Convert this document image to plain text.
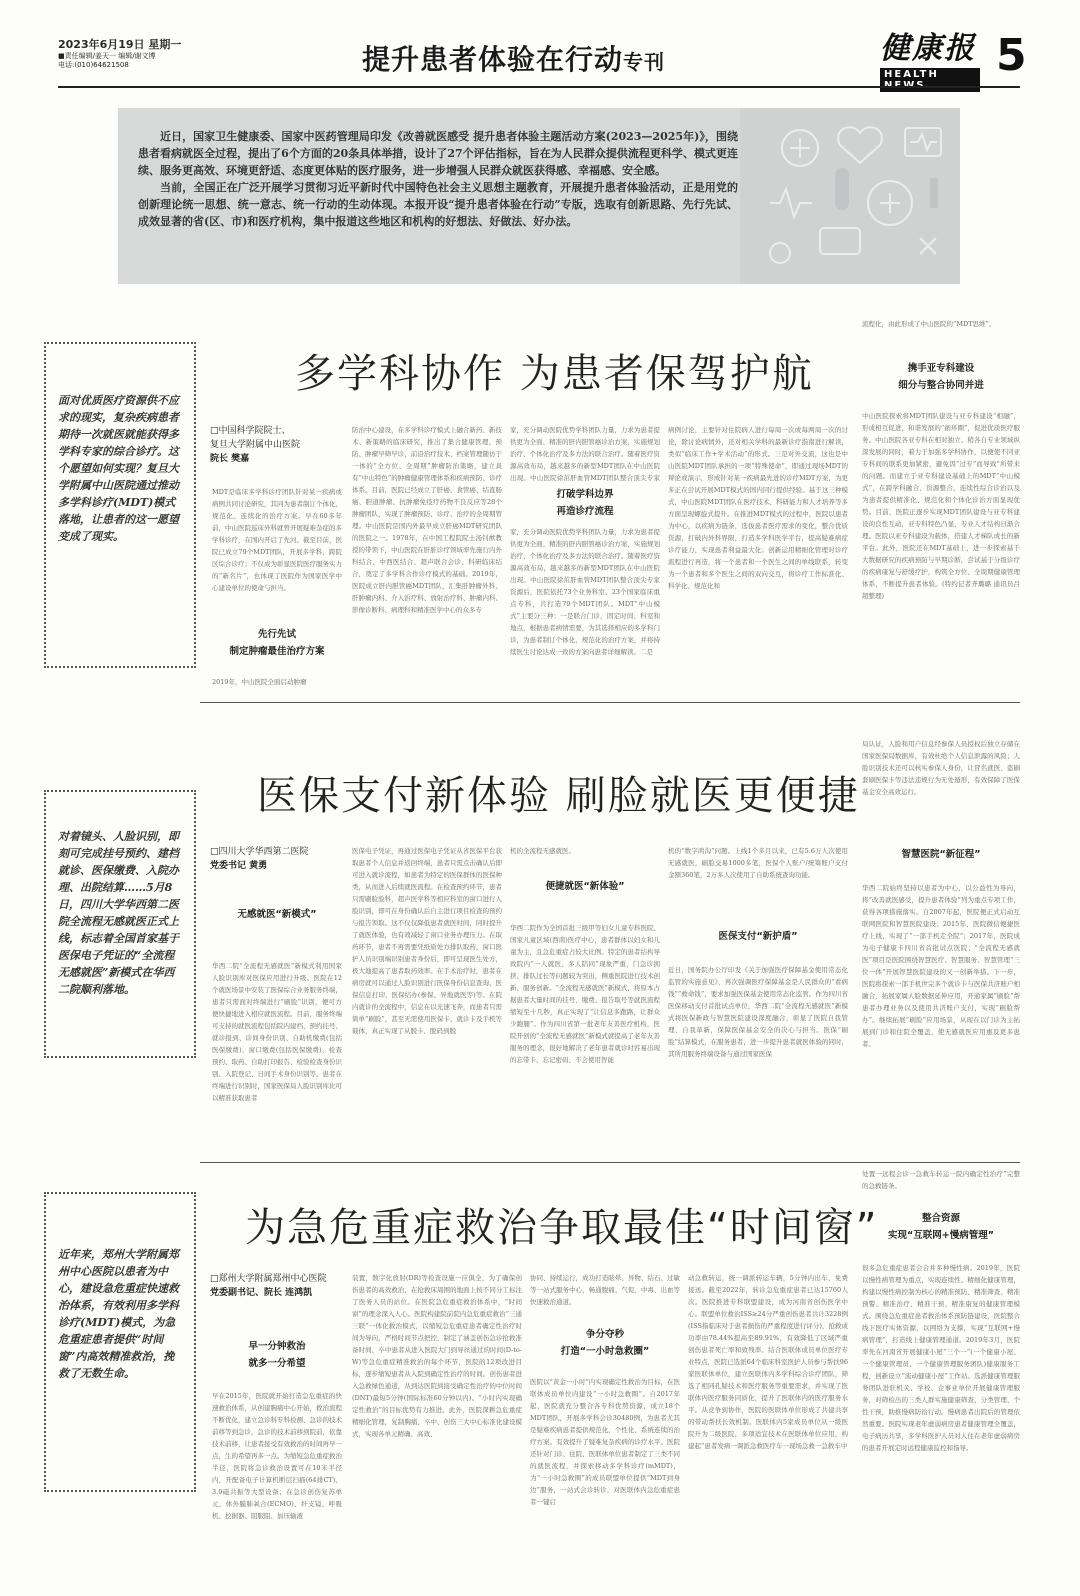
2023年6月19日 星期一
■责任编辑/姜天一 编辑/谢文博
电话:(010)64621508	提升患者体验在行动专刊	健康报
HEALTH	5
近日，国家卫生健康委、国家中医药管理局印发《改善就医感受 提升患者体验主题活动方案(2023—2025年)》，围绕患者看病就医全过程，提出了6个方面的20条具体举措，设计了27个评估指标，旨在为人民群众提供流程更科学、模式更连续、服务更高效、环境更舒适、态度更体贴的医疗服务，进一步增强人民群众就医获得感、幸福感、安全感。
当前，全国正在广泛开展学习贯彻习近平新时代中国特色社会主义思想主题教育，开展提升患者体验活动，正是用党的创新理论统一思想、统一意志、统一行动的生动体现。本报开设“提升患者体验在行动”专版，选取有创新思路、先行先试、成效显著的省(区、市)和医疗机构，集中报道这些地区和机构的好想法、好做法、好办法。
面对优质医疗资源供不应求的现实，复杂疾病患者期待一次就医就能获得多学科专家的综合诊疗。这个愿望如何实现？复旦大学附属中山医院通过推动多学科诊疗(MDT)模式落地，让患者的这一愿望变成了现实。
多学科协作 为患者保驾护航
□中国科学院院士、
复旦大学附属中山医院
院长 樊嘉
MDT是临床多学科诊疗团队针对某一疾病或病例共同讨论研究，其同为患者制订个体化、规范化、连续化的治疗方案。早在60多年前，中山医院巡床外科就曾开展疑难杂症的多学科诊疗，在国内开启了先河。截至目前，医院已成立79个MDT团队，开展多学科、跨院区综合诊疗；不仅成为彰显医院医疗服务实力的“新名片”，也体现了医院作为国家医学中心建设单位的使命与担当。
先行先试
制定肿瘤最佳治疗方案
2019年，中山医院全面启动肿瘤
防治中心建设，在多学科诊疗模式上融合新药、新技术、新策略的临床研究，推出了集合健康管理、预防、肿瘤早筛早诊、前沿治疗技术、档案管理随访于一体的“全方位、全周期”肿瘤防治策略，建立具有“中山特色”的肿瘤健康管理体系和疾病预防、诊疗体系。目前，医院已经成立了肝癌、食管癌、结直肠癌、胆道肿瘤、抗肿瘤免疫疗药物不良反应等28个肿瘤团队，实现了肿瘤预防、诊疗、治疗的全周期管理。中山医院是国内外最早成立肝癌MDT研究团队的医院之一。1978年，在中国工程院院士汤钊猷教授的带领下，中山医院在肝脏诊疗领域率先施行内外科结合、中西医结合、超声联合会诊、科研临床结合，奠定了多学科合作诊疗模式的基础。2019年，医院成立肝内胆管癌MDT团队，汇集肝肿瘤外科、肝肿瘤内科、介入治疗科、放射治疗科、肿瘤内科、影像诊断科、病理科和精准医学中心的众多专
家，充分调动医院优势学科团队力量，力求为患者提供更为全面、精准的肝内胆管癌诊治方案，实施规划治疗、个体化治疗及多方法的联合治疗。随着医疗资源高效布局，越来越多的新型MDT团队在中山医院出现。中山医院徐茁肝血管MDT团队整合顶尖专家
打破学科边界
再造诊疗流程
家，充分调动医院优势学科团队力量，力求为患者提供更为全面、精准的肝内胆管癌诊治方案，实施规划治疗、个体化治疗及多方法的联合治疗。随着医疗资源高效布局，越来越多的新型MDT团队在中山医院出现。中山医院徐茁肝血管MDT团队整合顶尖专家资源后，医院依托73个业务科室、23个国家临床重点专科，共打造79个MDT团队。MDT“中山模式”主要分三种：一是联合门诊，固定时间、科室和地点，根据患者病情需要，为其选择相应的多学科门诊，为患者制订个体化、规范化的治疗方案，并将持续医生讨论达成一致的方案向患者详细解读。二是
病例讨论，主要针对住院病人进行每周一次或每两周一次的讨论，除讨论病情外，还对相关学科的最新诊疗指南进行解读，类似“临床工作+学术活动”的形式。三是对外交流，这也是中山医院MDT团队承担的一项“特殊使命”，即通过现场MDT的辩论或演示，形成针对某一疾病最先进的诊疗MDT方案，为更多正在尝试开展MDT模式的国内同行提供经验。基于这三种模式，中山医院MDT团队在医疗技术、科研能力和人才培养等多方面呈现螺旋式提升。在推进MDT模式的过程中，医院以患者为中心，以疾病为链条，选拔患者医疗需求的变化，整合优质资源，打破内外科界限，打造多学科医学平台，提高疑难病症诊疗能力，实现患者利益最大化；创新运用精细化管理对诊疗流程进行再造，将一个患者和一个医生之间的单线联系，转变为一个患者和多个医生之间的双向交互，将诊疗工作标准化、科学化、规范化和
流程化，由此形成了中山医院的“MDT思维”。
携手亚专科建设
细分与整合协同并进
中山医院探索将MDT团队建设与亚专科建设“相融”，形成相互促进，和谐发展的“循环圈”，促进优质医疗服务。中山医院各亚专科在相对独立、稍各自专业领域纵深发展的同时，着力于加强多学科协作，以便使不同亚专科间的联系更加紧密，避免因“过专”而导致“所带来的问题。而建立于亚专科建设基础上的MDT“中山模式”，在跨学科融合、资源整合、连续性综合诊治以及为患者提供精准化、规范化和个体化诊治方面显现优势。目前，医院正逐步实现MDT团队建设与亚专科建设的良性互动，亚专科特色凸显，专业人才结构日渐合理。医院以亚专科建设为载体，搭建人才梯队成长的新平台。此外，医院还在MDT基础上，进一步探索基于大数据研究的疾病预防与早期诊断，尝试基于分级诊疗的疾病康复与舒缓疗护，构筑全方位、全周期健康管理体系，不断提升患者体验。(特约记者齐璐璐 通讯员吕超整理)
对着镜头、人脸识别，即刻可完成挂号预约、建档就诊、医保缴费、入院办理、出院结算……5月8日，四川大学华西第二医院全流程无感就医正式上线，标志着全国首家基于医保电子凭证的“全流程无感就医”新模式在华西二院顺利落地。
医保支付新体验 刷脸就医更便捷
□四川大学华西第二医院
党委书记 黄勇
无感就医“新模式”
华西二院“全流程无感就医”新模式利用国家人脸识别库对医保应用进行升级。医院在12个就医场景中安装了医保综合业务服务终端，患者只需面对终端进行“刷脸”识别，便可方便快捷地进入相应就医流程。目前，服务终端可支持的就医流程包括院内建档、预约挂号、就诊报到、诊间身份识别、自助机缴费(包括医保缴费)、窗口缴费(包括医保缴费)、检查预约、取药、自助打印报告、检验检查身份识别、入院登记、日间手术身份识别等。患者在终端进行识别时，国家医保局人脸识别库比可以精准获取患者
医保电子凭证，再通过医保电子凭证从省医保平台获取患者个人信息并返回终端，患者只需点击确认后即可进入就诊流程，如患者为特定的医保群体的医保种类，从而进入后续就医流程。在检查预约环节，患者只需刷脸验科，超声医学科等相应科室的窗口进行人脸识别，即可在身份确认后自主进行项目检查的预约与报告领取。这不仅仅降低患者就医时间，同时提升了就医体验，也有效减轻了窗口业务办理压力。在取药环节，患者不再需要凭纸质处方排队取药，窗口医护人员识别端识别患者身份后，即可呈现医生处方，极大地提高了患者取药效率。在手术治疗时，患者在病房就可以通过人脸识别进行医保身份信息查询、医保信息打印、医保结办(参保、异地就医等)等。在院内就诊的全流程中，信息在以光速飞奔，而患者只需简单“刷脸”，甚至无需使用医保卡、就诊卡及手机等载体，真正实现了从脱卡、脱码到脱
机的全流程无感就医。
便捷就医“新体验”
华西二院作为全国首批三级甲等妇女儿童专科医院、国家儿童区域(西南)医疗中心，患者群体以妇女和儿童为主，且急危重症占较大比例。特定的患者结构导致院内“一人就医、多人陪同”现象严重，门急诊拥挤、排队过长等问题较为突出，侧重医院进行技术创新、服务创新。“全流程无感就医”新模式，将原本占据患者大量时间的挂号、缴费、报告取号等就医流程缩短至十几秒，真正实现了“让信息多跑路，让群众少跑腿”。作为四川省第一批老年友善医疗机构，医院开创的“全流程无感就医”新模式就提高了老年友善服务的理念，很好地解决了老年患者就诊时容易出现的忘带卡、忘记密码、不会使用智能
机的“数字鸿沟”问题。上线1个多月以来，已有5.6万人次使用无感就医，刷脸交易1000多笔，医保个人账户/统筹账户支付金额360笔，2万多人次使用了自助系统查询功能。
医保支付“新护盾”
近日，国务院办公厅印发《关于加强医疗保障基金使用常态化监管的实施意见》，再次强调医疗保障基金是人民群众的“看病钱”“救命钱”，要求加强医保基金使用常态化监管。作为四川省医保移动支付首批试点单位，华西二院“全流程无感就医”新模式将医保新政与智慧医院建设深度融合，彰显了医院自我管理、自我革新，保障医保基金安全的决心与担当。医保“刷脸”结算模式，在服务患者，进一步提升患者就医体验的同时，其所用服务终端设备与通过国家医保
局认证，人脸和用户信息经参保人员授权后独立存储在国家医保局数据库，有效杜绝个人信息泄露的风险；人脸识别技术还可以核实参保人身份，让冒名就医、盗刷套刷医保卡等违法违规行为无处遁形，有效保障了医保基金安全高效运行。
智慧医院“新征程”
华西二院始终坚持以患者为中心，以公益性为导向，将“改善就医感受，提升患者体验”列为重点专项工作，获得各项措施落实。自2007年起，医院便正式启动互联网医院和智慧医院建设；2015年，医院微信便捷医疗上线，实现了“一部手机走全院”；2017年，医院成为电子健康卡四川省首批试点医院；“全流程无感就医”项目是医院围绕智慧医疗、智慧服务、智慧管理“三位一体”开展智慧医院建设的又一创新举措。下一步，医院将探索一部手机世完多个就诊卡与医保共济账户相融合，拓展家属人脸数据延伸应用，开通家属“刷脸”帮患者办理业务以及使用共济账户支付，实现“刷脸帮办”。继续拓展“刷脸”应用场景，从现在以门诊为主拓展到门诊和住院全覆盖，使无感就医应用惠及更多患者。
近年来，郑州大学附属郑州中心医院以患者为中心，建设急危重症快速救治体系，有效利用多学科诊疗(MDT)模式，为急危重症患者提供“时间窗”内高效精准救治，挽救了无数生命。
为急危重症救治争取最佳“时间窗”
□郑州大学附属郑州中心医院
党委副书记、院长 连鸿凯
早一分钟救治
就多一分希望
早在2015年，医院就开始打造急危重症的快速救治体系，从创建胸痛中心开始，救治流程不断优化，建立急诊科专科检测、急诊的技术前移等到急诊，急诊的技术前移到院前，依靠技术前移，让患者接受有效救治的时间再早一点，生的希望再多一点。为缩短急危重症救治半径，医院将急诊救治设置可在10米半径内，开配备电子计算机断层扫描(64排CT)、3.0磁共振等大型设备；在急诊创伤复苏单元，体外膜肺氧合(ECMO)、纤支镜、呼吸机、挖掘器、阻服阻、加压输液
装置，数字化放射(DR)等检查设施一应俱全，为了确保创伤患者的高效救治，在抢救床周围的地面上按不同分工标注了医务人员的站位。在医院急危重症救治体系中，“时间窗”的理念深入人心。医院构建院前院内急危重症救治“三通三联”一体化救治模式，以缩短急危重症患者确定性治疗时间为导向，严格时间节点把控，制定了涵盖创伤急诊抢救准备时间，卒中患者从进入医院大门到导丝通过的时间(D-to-W)等急危重症精准救治的每个环节，医院的12项改进目标，逐步缩短患者从入院到确定性治疗的时间。创伤患者进入急救绿色通道，从到达医院到接受确定性治疗的中位时间(DNT)最短5分钟(国际标准60分钟以内)。“小时内实现确定性救治”的目标优势有力推进。此外，医院深耕急危重症精细化管理，复制胸痛、卒中、创伤三大中心标准化建设模式，实现各单元精确、高效、
协同、持续运行，成功打造眩晕、异物、结石、过敏等一站式服务中心，畅通腹痛、气促、中毒、出血等快速救治通道。
争分夺秒
打造“一小时急救圈”
医院以“黄金一小时”内实现确定性救治为目标，在医联体成员单位内建设“一小时急救圈”。自2017年起，医院就充分整合各专科优势资源，成立18个MDT团队，开展多学科会诊30480例，为患者尤其是疑难疾病患者提供规范化、个性化、系统连续的治疗方案。有效提升了疑难复杂疾病的诊疗水平。医院还针对门诊、住院、医联体单位患者制定了三类不同的就医流程，并探索移动多学科诊疗(mMDT)，为“一小时急救圈”的成员联盟单位提供“MDT到身边”服务，一站式会诊转诊，对医联体内急危重症患者一键启
动急救转运，统一调派转运车辆，5分钟内出车，免费接送。截至2022年，转诊急危重症患者已达15760人次。医院推进专科联盟建设，成为河南省创伤医学中心。联盟单位救治ISS≥24分严重创伤患者共计3228例(ISS指临床对于患者损伤的严重程度进行评分)，抢救成功率由78.44%提高至89.91%，有效降低了区域严重创伤患者死亡率和致残率。结合医联体成员单位医疗专业特点，医院已选派64个临床科室医护人员参与帮扶96家医联体单位，建立医联体内多学科综合诊疗团队，筛选了相同孔疑技术和医疗服务等重要需求，并实现了医联体内医疗服务同质化，提升了医联体内的医疗服务水平。从竞争到协作，医院的医联体单位形成了共建共享的带动帮扶长效机制。医联体内5家成员单位从一级医院升为二级医院，多项适宜技术在医联体单位应用，构建起“患者发病一调派急救医疗车一现场急救一急救车中
处置一远程会诊一急救车转运一院内确定性治疗”完整的急救链条。
整合资源
实现“互联网+慢病管理”
很多急危重症患者会合并多种慢性病。2019年，医院以慢性病管理为重点，实现连续性、精细化健康管理，构建以慢性病控制为核心的精准预防、精准筛查、精准预警、精准治疗、精准干预、精准康复的健康管理模式。围绕急危重症患者救治体系预防链建设，医院整合线下医疗实体资源，以网络为支撑，实现“互联网+慢病管理”，打造线上健康管理通道。2019年3月，医院率先在河南省开展健康小屋“三个一”(一个健康小屋、一个健康管理员、一个健康管理服务团队)健康服务工程，创新设立“流动健康小屋”工作站。选派健康管理服务团队进驻机关、学校、企事业单位开展健康管理服务，对筛检出的三类人群实施健康筛查、分类管理、个性干预，助推慢病防治行动。慢病患者出院后的管理依然重要。医院实现老年虚弱病房患者健康管理全覆盖，电子病历共享，多学科医护人员对入住在老年虚弱病房的患者开展定时远程健康监控和指导。
